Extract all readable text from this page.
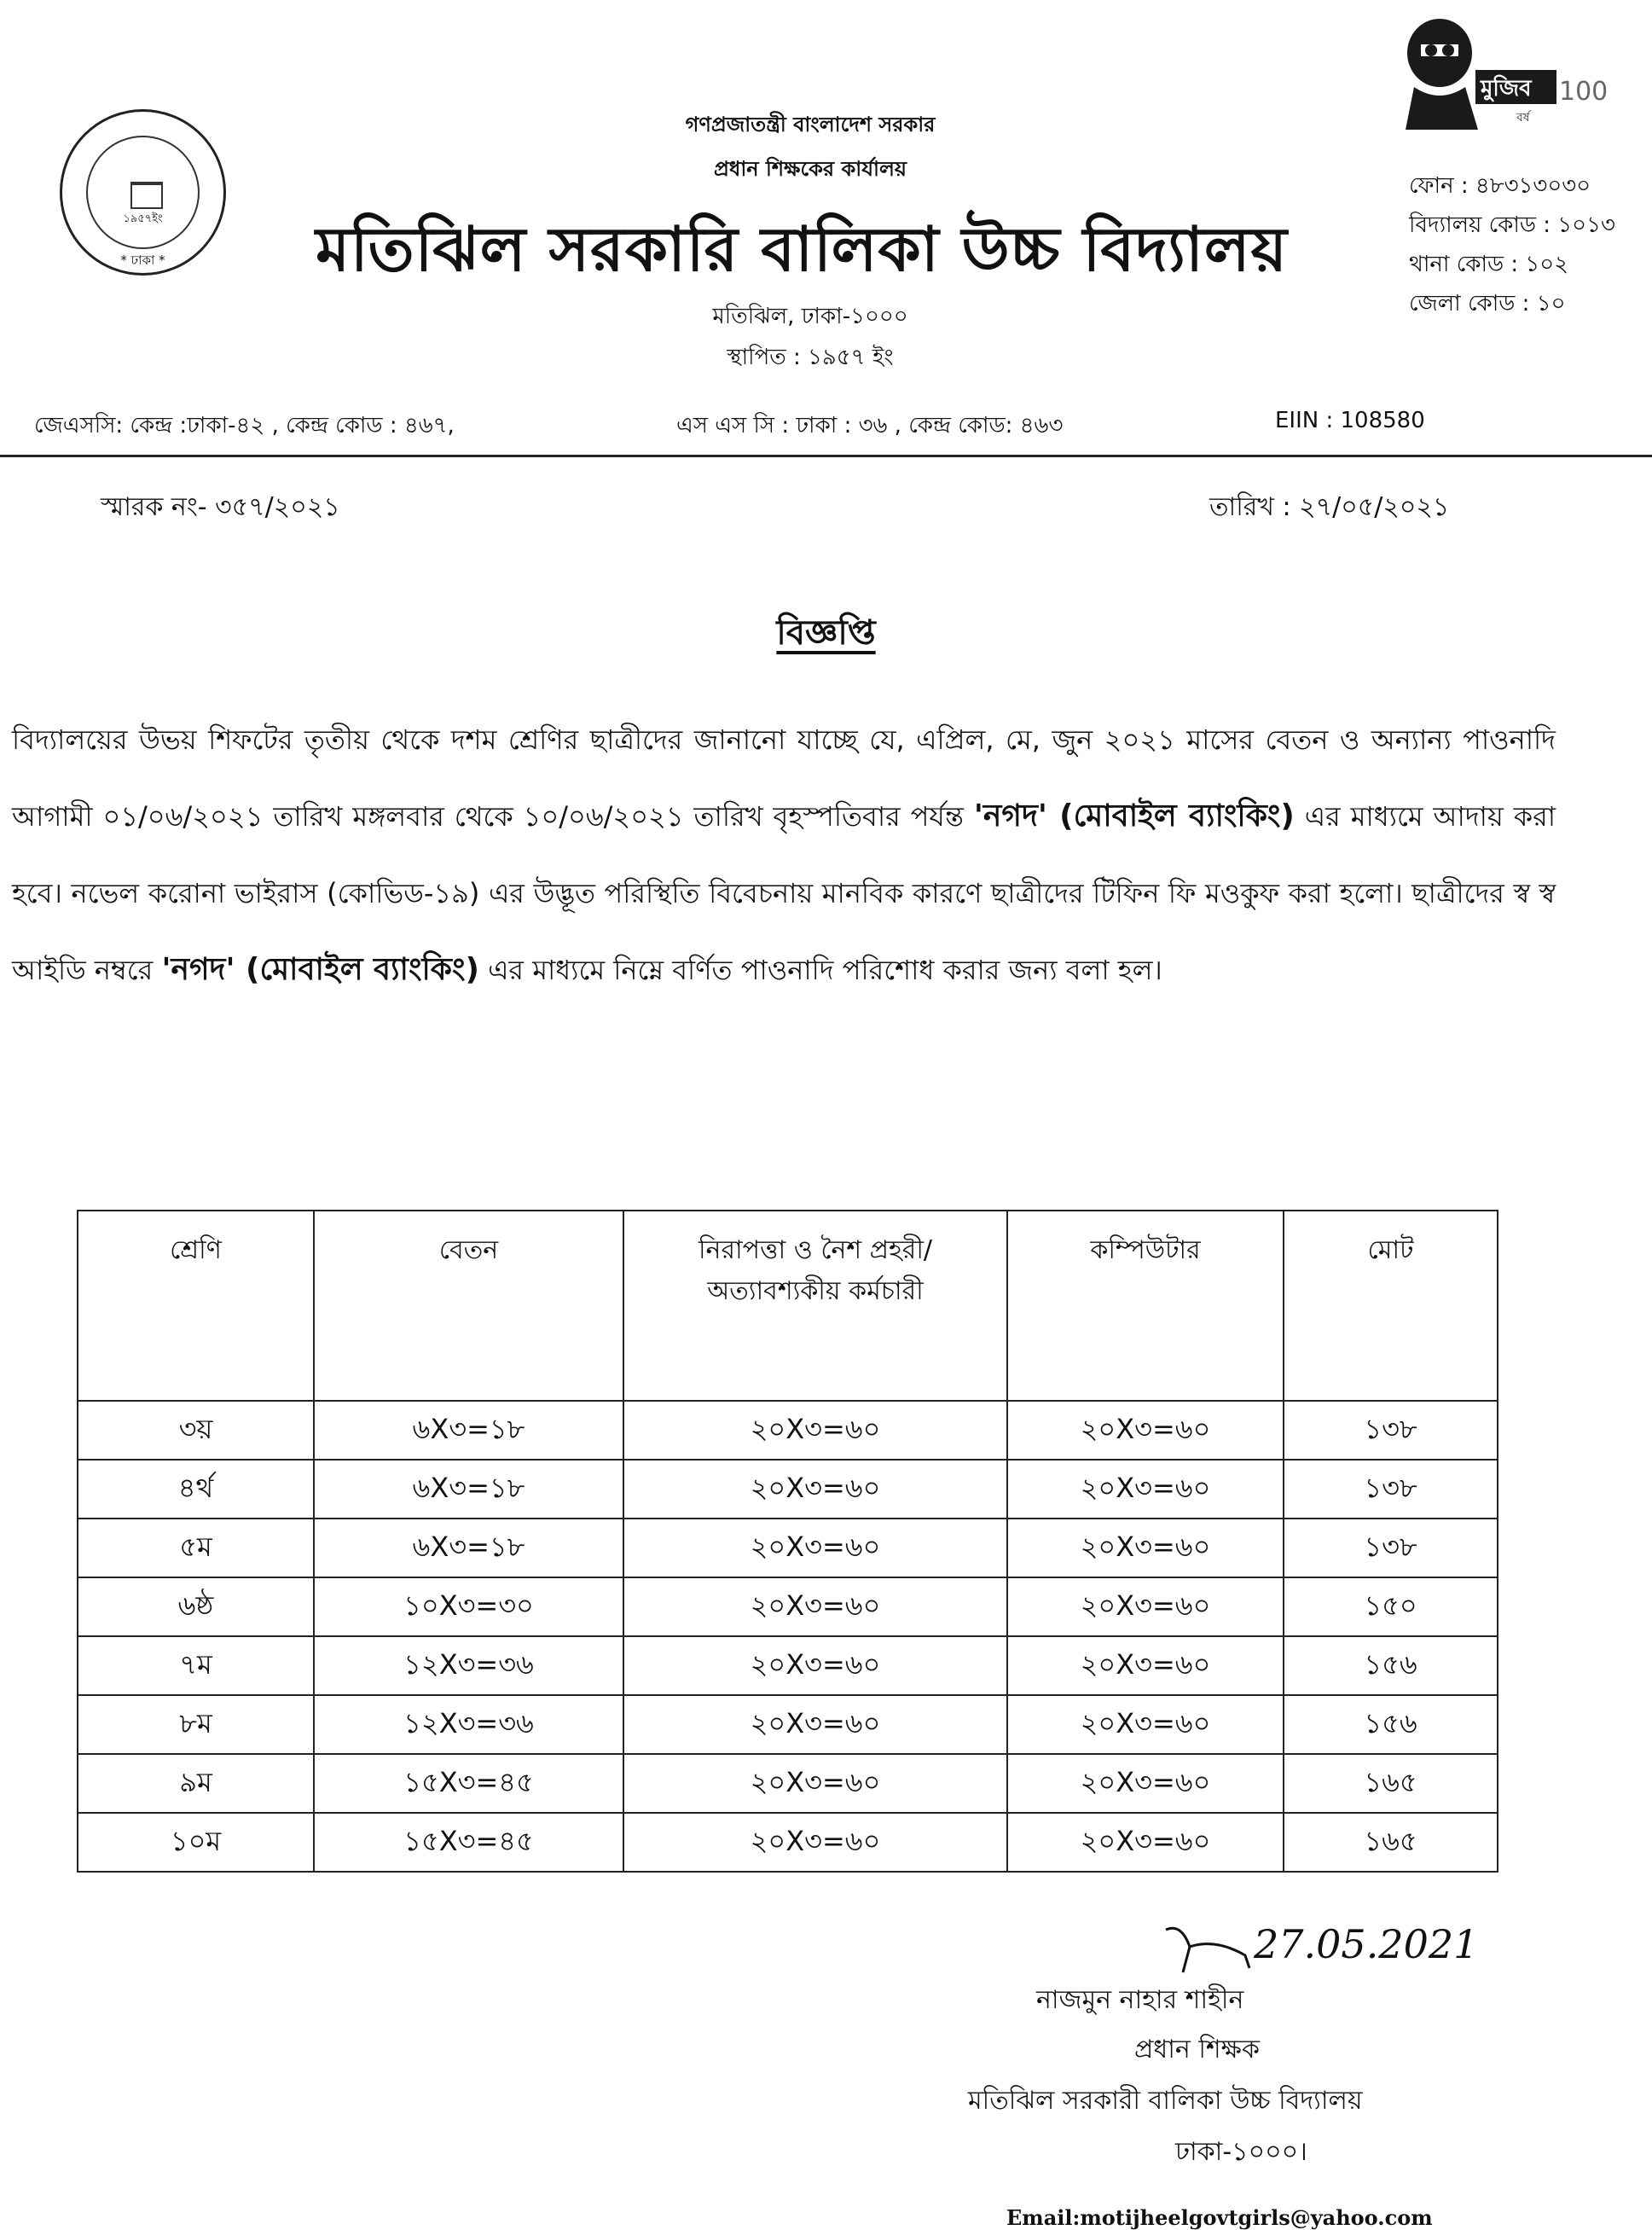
১৯৫৭ইং
* ঢাকা *
মুজিব
বর্ষ
100
গণপ্রজাতন্ত্রী বাংলাদেশ সরকার
প্রধান শিক্ষকের কার্যালয়
মতিঝিল সরকারি বালিকা উচ্চ বিদ্যালয়
মতিঝিল, ঢাকা-১০০০
স্থাপিত : ১৯৫৭ ইং
ফোন : ৪৮৩১৩০৩০
বিদ্যালয় কোড : ১০১৩
থানা কোড : ১০২
জেলা কোড : ১০
জেএসসি: কেন্দ্র :ঢাকা-৪২ , কেন্দ্র কোড : ৪৬৭,	এস এস সি : ঢাকা : ৩৬ , কেন্দ্র কোড: ৪৬৩	EIIN : 108580
স্মারক নং- ৩৫৭/২০২১	তারিখ : ২৭/০৫/২০২১
বিজ্ঞপ্তি
বিদ্যালয়ের উভয় শিফটের তৃতীয় থেকে দশম শ্রেণির ছাত্রীদের জানানো যাচ্ছে যে, এপ্রিল, মে, জুন ২০২১ মাসের বেতন ও অন্যান্য পাওনাদি আগামী ০১/০৬/২০২১ তারিখ মঙ্গলবার থেকে ১০/০৬/২০২১ তারিখ বৃহস্পতিবার পর্যন্ত 'নগদ' (মোবাইল ব্যাংকিং) এর মাধ্যমে আদায় করা হবে। নভেল করোনা ভাইরাস (কোভিড-১৯) এর উদ্ভূত পরিস্থিতি বিবেচনায় মানবিক কারণে ছাত্রীদের টিফিন ফি মওকুফ করা হলো। ছাত্রীদের স্ব স্ব আইডি নম্বরে 'নগদ' (মোবাইল ব্যাংকিং) এর মাধ্যমে নিম্নে বর্ণিত পাওনাদি পরিশোধ করার জন্য বলা হল।
শ্রেণি	বেতন	নিরাপত্তা ও নৈশ প্রহরী/অত্যাবশ্যকীয় কর্মচারী	কম্পিউটার	মোট
৩য়	৬X৩=১৮	২০X৩=৬০	২০X৩=৬০	১৩৮
৪র্থ	৬X৩=১৮	২০X৩=৬০	২০X৩=৬০	১৩৮
৫ম	৬X৩=১৮	২০X৩=৬০	২০X৩=৬০	১৩৮
৬ষ্ঠ	১০X৩=৩০	২০X৩=৬০	২০X৩=৬০	১৫০
৭ম	১২X৩=৩৬	২০X৩=৬০	২০X৩=৬০	১৫৬
৮ম	১২X৩=৩৬	২০X৩=৬০	২০X৩=৬০	১৫৬
৯ম	১৫X৩=৪৫	২০X৩=৬০	২০X৩=৬০	১৬৫
১০ম	১৫X৩=৪৫	২০X৩=৬০	২০X৩=৬০	১৬৫
27.05.2021
নাজমুন নাহার শাহীন
প্রধান শিক্ষক
মতিঝিল সরকারী বালিকা উচ্চ বিদ্যালয়
ঢাকা-১০০০।
Email:motijheelgovtgirls@yahoo.com
